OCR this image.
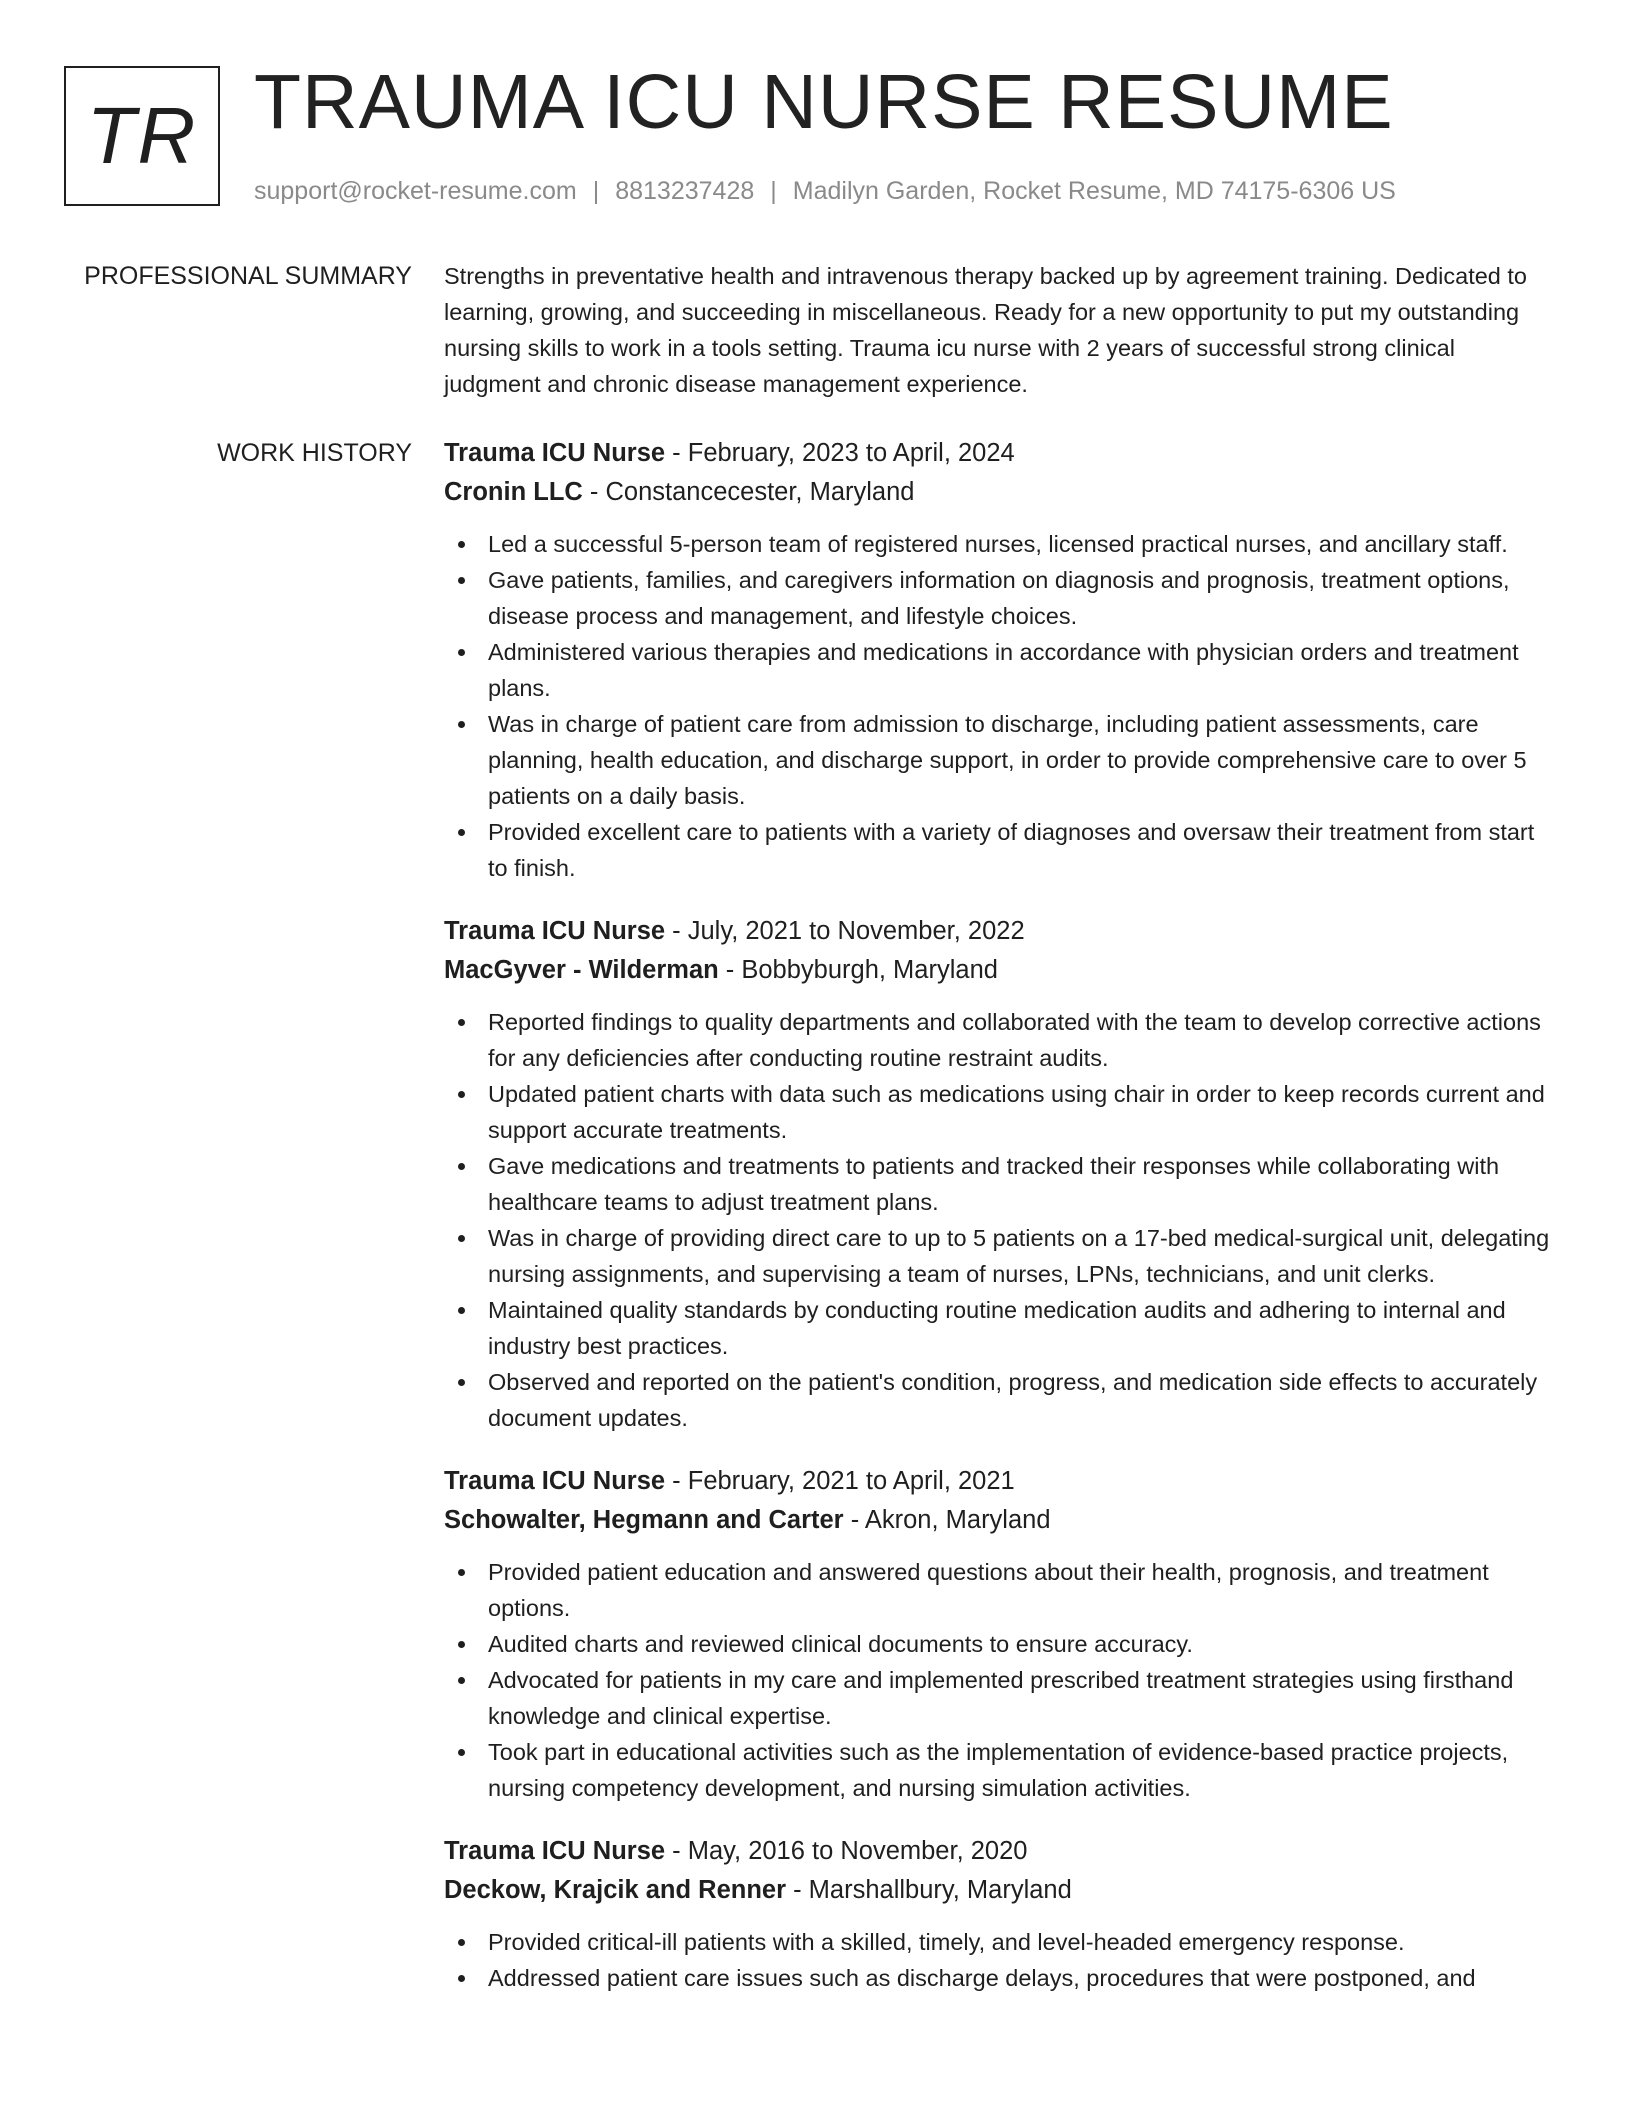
TR TRAUMA ICU NURSE RESUME
support@rocket-resume.com | 8813237428 | Madilyn Garden, Rocket Resume, MD 74175-6306 US
PROFESSIONAL SUMMARY Strengths in preventative health and intravenous therapy backed up by agreement training. Dedicated to learning, growing, and succeeding in miscellaneous. Ready for a new opportunity to put my outstanding nursing skills to work in a tools setting. Trauma icu nurse with 2 years of successful strong clinical judgment and chronic disease management experience.

WORK HISTORY Trauma ICU Nurse - February, 2023 to April, 2024
Cronin LLC - Constancecester, Maryland
Led a successful 5-person team of registered nurses, licensed practical nurses, and ancillary staff.
Gave patients, families, and caregivers information on diagnosis and prognosis, treatment options, disease process and management, and lifestyle choices.
Administered various therapies and medications in accordance with physician orders and treatment plans.
Was in charge of patient care from admission to discharge, including patient assessments, care planning, health education, and discharge support, in order to provide comprehensive care to over 5 patients on a daily basis.
Provided excellent care to patients with a variety of diagnoses and oversaw their treatment from start to finish.
Trauma ICU Nurse - July, 2021 to November, 2022
MacGyver - Wilderman - Bobbyburgh, Maryland
Reported findings to quality departments and collaborated with the team to develop corrective actions for any deficiencies after conducting routine restraint audits.
Updated patient charts with data such as medications using chair in order to keep records current and support accurate treatments.
Gave medications and treatments to patients and tracked their responses while collaborating with healthcare teams to adjust treatment plans.
Was in charge of providing direct care to up to 5 patients on a 17-bed medical-surgical unit, delegating nursing assignments, and supervising a team of nurses, LPNs, technicians, and unit clerks.
Maintained quality standards by conducting routine medication audits and adhering to internal and industry best practices.
Observed and reported on the patient's condition, progress, and medication side effects to accurately document updates.
Trauma ICU Nurse - February, 2021 to April, 2021
Schowalter, Hegmann and Carter - Akron, Maryland
Provided patient education and answered questions about their health, prognosis, and treatment options.
Audited charts and reviewed clinical documents to ensure accuracy.
Advocated for patients in my care and implemented prescribed treatment strategies using firsthand knowledge and clinical expertise.
Took part in educational activities such as the implementation of evidence-based practice projects, nursing competency development, and nursing simulation activities.
Trauma ICU Nurse - May, 2016 to November, 2020
Deckow, Krajcik and Renner - Marshallbury, Maryland
Provided critical-ill patients with a skilled, timely, and level-headed emergency response.
Addressed patient care issues such as discharge delays, procedures that were postponed, and
